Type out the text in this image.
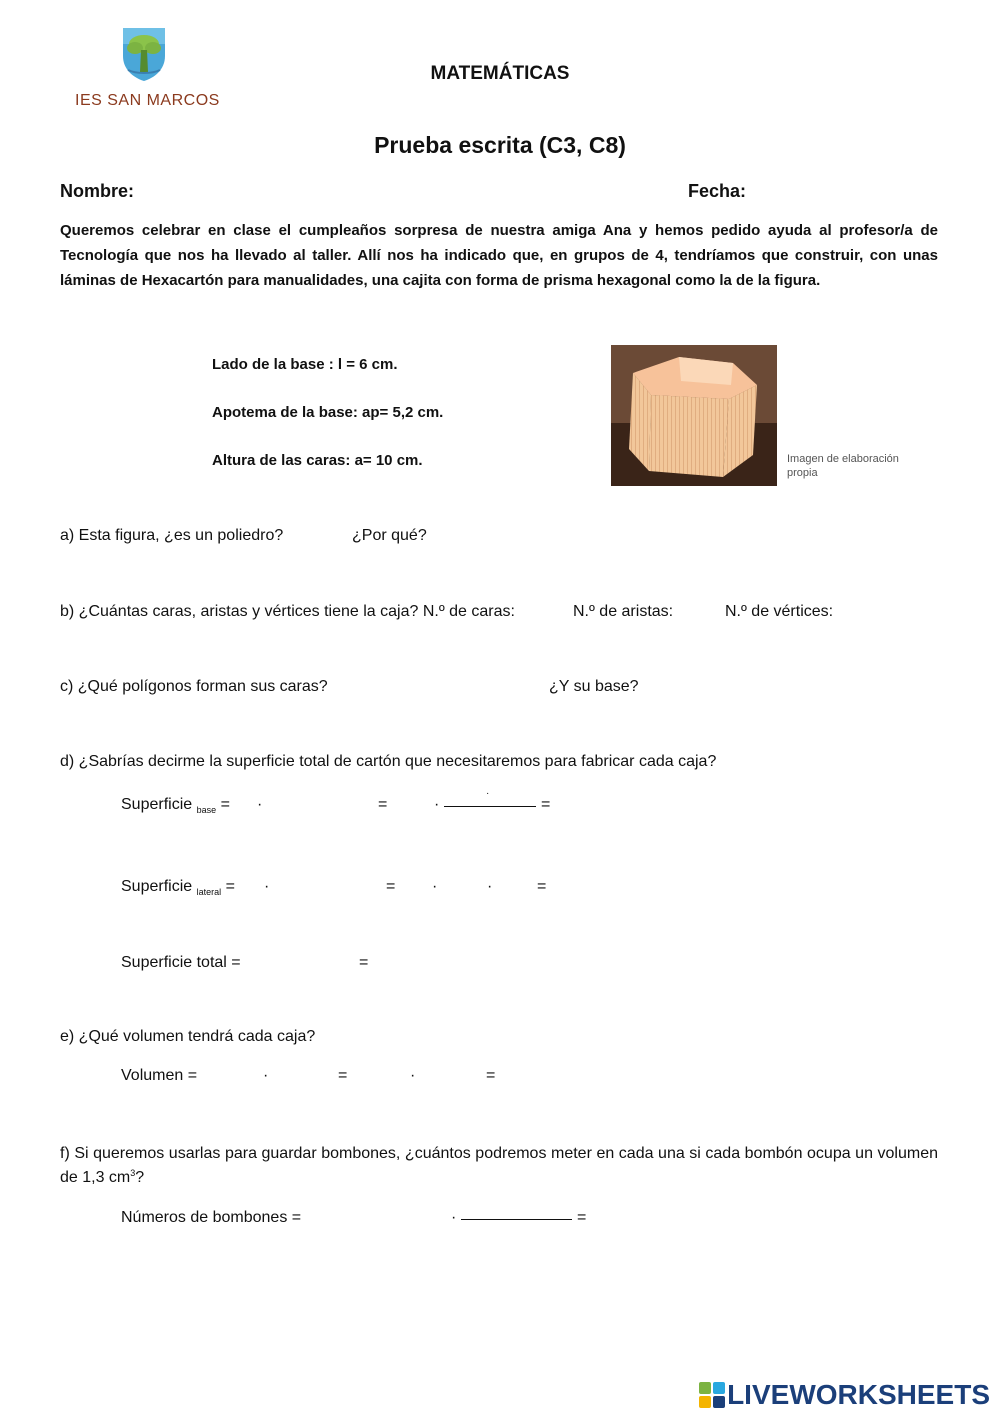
IES SAN MARCOS
MATEMÁTICAS
Prueba escrita (C3, C8)
Nombre:	Fecha:
Queremos celebrar en clase el cumpleaños sorpresa de nuestra amiga Ana y hemos pedido ayuda al profesor/a de Tecnología que nos ha llevado al taller. Allí nos ha indicado que, en grupos de 4, tendríamos que construir, con unas láminas de Hexacartón para manualidades, una cajita con forma de prisma hexagonal como la de la figura.
Lado de la base : l = 6 cm.
Apotema de la base: ap= 5,2 cm.
Altura de las caras: a= 10 cm.	Imagen de elaboración propia
a) Esta figura, ¿es un poliedro?	¿Por qué?
b) ¿Cuántas caras, aristas y vértices tiene la caja? N.º de caras:	N.º de aristas:	N.º de vértices:
c) ¿Qué polígonos forman sus caras?	¿Y su base?
d) ¿Sabrías decirme la superficie total de cartón que necesitaremos para fabricar cada caja?
Superficie $_{base}$ = ·	=	·
·
=
Superficie $_{lateral}$ = ·	= ·	·	=
Superficie total =	=
e) ¿Qué volumen tendrá cada caja?
Volumen =	·	=	·	=
f) Si queremos usarlas para guardar bombones, ¿cuántos podremos meter en cada una si cada bombón ocupa un volumen de 1,3 $cm^3$?
Números de bombones =	·	=
LIVEWORKSHEETS
